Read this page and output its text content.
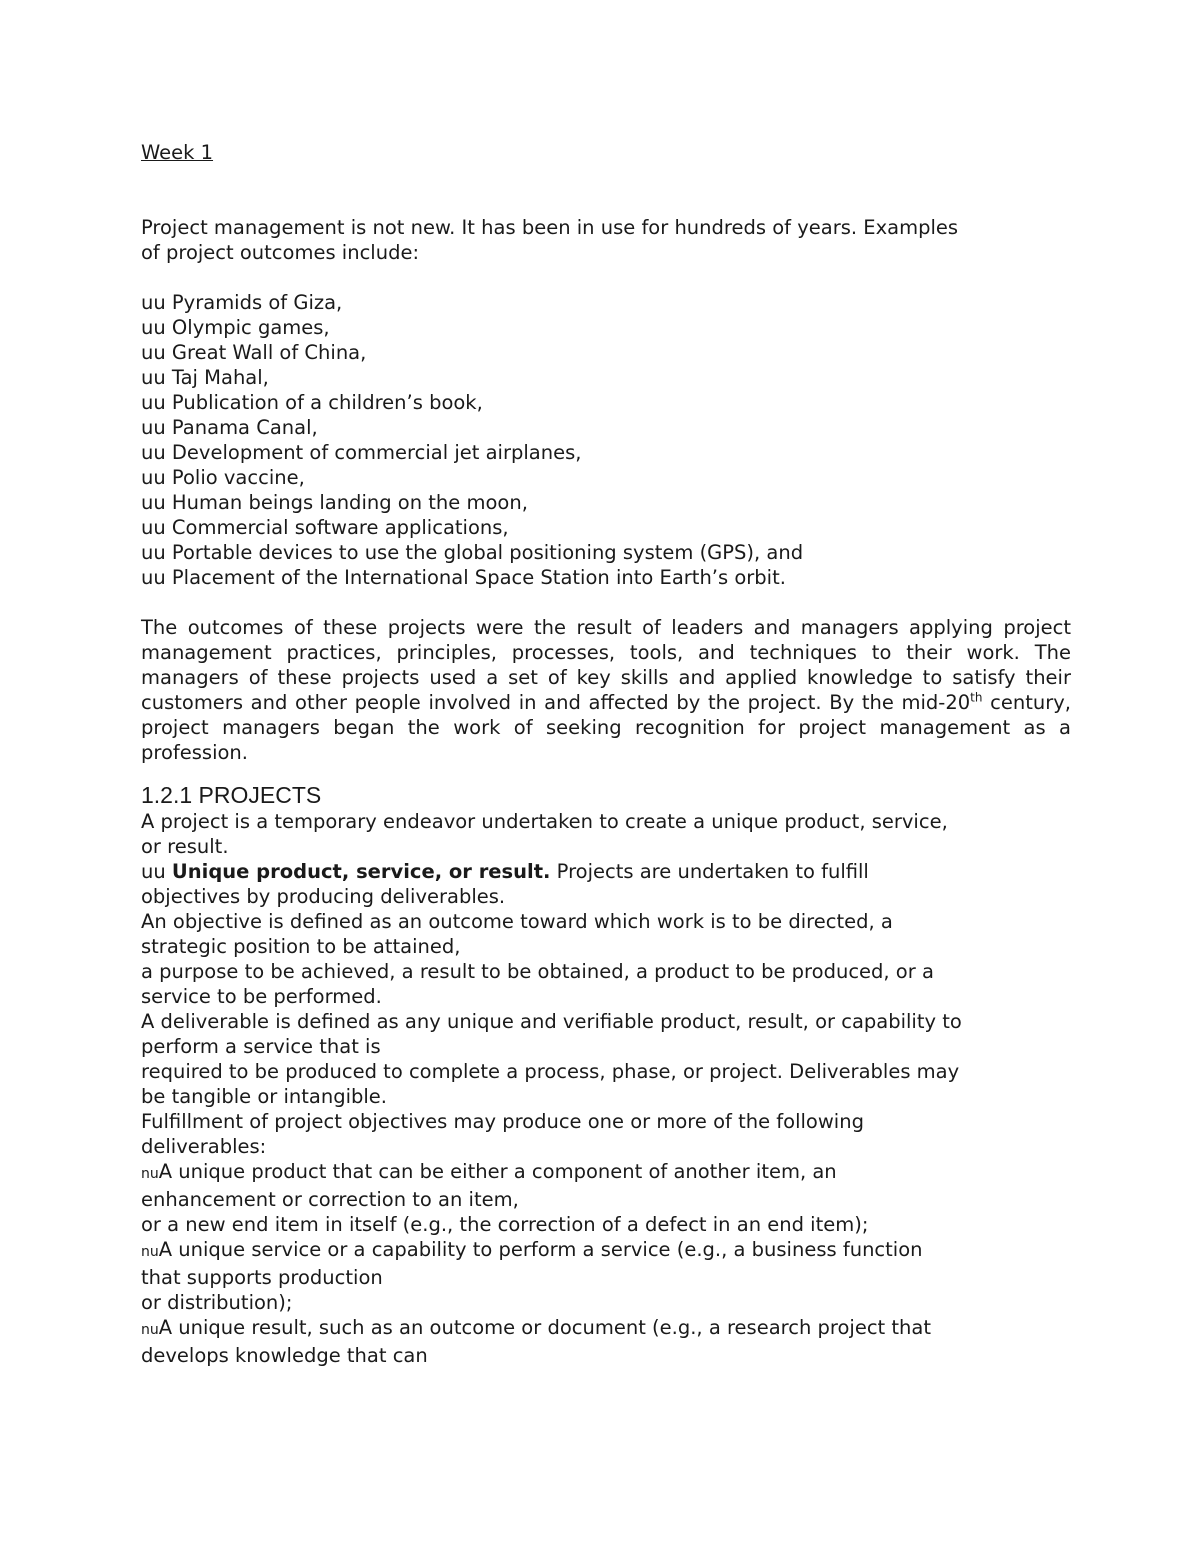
Week 1
Project management is not new. It has been in use for hundreds of years. Examples
of project outcomes include:
uu Pyramids of Giza,
uu Olympic games,
uu Great Wall of China,
uu Taj Mahal,
uu Publication of a children’s book,
uu Panama Canal,
uu Development of commercial jet airplanes,
uu Polio vaccine,
uu Human beings landing on the moon,
uu Commercial software applications,
uu Portable devices to use the global positioning system (GPS), and
uu Placement of the International Space Station into Earth’s orbit.

The outcomes of these projects were the result of leaders and managers applying project management practices, principles, processes, tools, and techniques to their work. The managers of these projects used a set of key skills and applied knowledge to satisfy their customers and other people involved in and affected by the project. By the mid-20th century, project managers began the work of seeking recognition for project management as a profession.

1.2.1 PROJECTS
A project is a temporary endeavor undertaken to create a unique product, service,
or result.
uu Unique product, service, or result. Projects are undertaken to fulfill
objectives by producing deliverables.
An objective is defined as an outcome toward which work is to be directed, a
strategic position to be attained,
a purpose to be achieved, a result to be obtained, a product to be produced, or a
service to be performed.
A deliverable is defined as any unique and verifiable product, result, or capability to
perform a service that is
required to be produced to complete a process, phase, or project. Deliverables may
be tangible or intangible.
Fulfillment of project objectives may produce one or more of the following
deliverables:
nuA unique product that can be either a component of another item, an
enhancement or correction to an item,
or a new end item in itself (e.g., the correction of a defect in an end item);
nuA unique service or a capability to perform a service (e.g., a business function
that supports production
or distribution);
nuA unique result, such as an outcome or document (e.g., a research project that
develops knowledge that can
